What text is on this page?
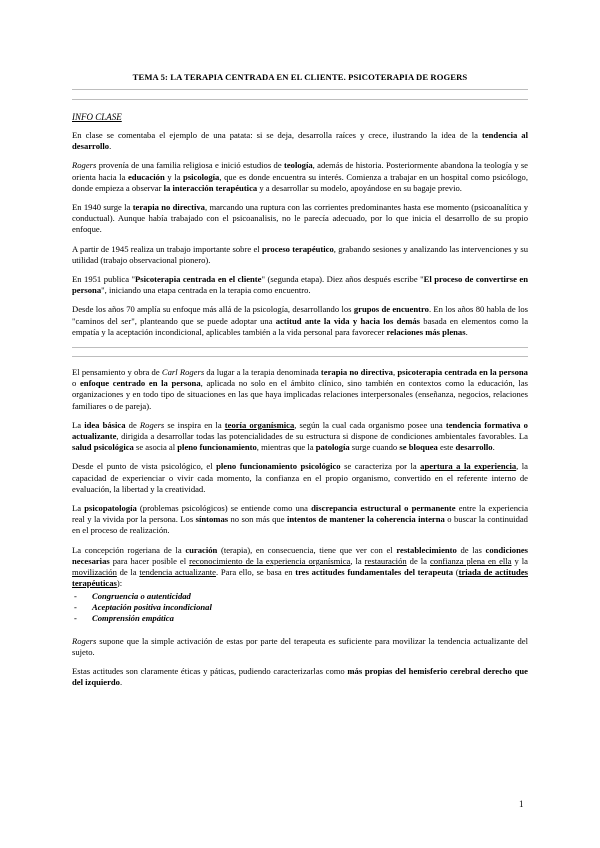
TEMA 5: LA TERAPIA CENTRADA EN EL CLIENTE. PSICOTERAPIA DE ROGERS
INFO CLASE

En clase se comentaba el ejemplo de una patata: si se deja, desarrolla raíces y crece, ilustrando la idea de la tendencia al desarrollo.

Rogers provenía de una familia religiosa e inició estudios de teología, además de historia. Posteriormente abandona la teología y se orienta hacia la educación y la psicología, que es donde encuentra su interés. Comienza a trabajar en un hospital como psicólogo, donde empieza a observar la interacción terapéutica y a desarrollar su modelo, apoyándose en su bagaje previo.

En 1940 surge la terapia no directiva, marcando una ruptura con las corrientes predominantes hasta ese momento (psicoanalítica y conductual). Aunque había trabajado con el psicoanalisis, no le parecía adecuado, por lo que inicia el desarrollo de su propio enfoque.

A partir de 1945 realiza un trabajo importante sobre el proceso terapéutico, grabando sesiones y analizando las intervenciones y su utilidad (trabajo observacional pionero).

En 1951 publica "Psicoterapia centrada en el cliente" (segunda etapa). Diez años después escribe "El proceso de convertirse en persona", iniciando una etapa centrada en la terapia como encuentro.

Desde los años 70 amplía su enfoque más allá de la psicología, desarrollando los grupos de encuentro. En los años 80 habla de los "caminos del ser", planteando que se puede adoptar una actitud ante la vida y hacia los demás basada en elementos como la empatía y la aceptación incondicional, aplicables también a la vida personal para favorecer relaciones más plenas.

El pensamiento y obra de Carl Rogers da lugar a la terapia denominada terapia no directiva, psicoterapia centrada en la persona o enfoque centrado en la persona, aplicada no solo en el ámbito clínico, sino también en contextos como la educación, las organizaciones y en todo tipo de situaciones en las que haya implicadas relaciones interpersonales (enseñanza, negocios, relaciones familiares o de pareja).

La idea básica de Rogers se inspira en la teoría organísmica, según la cual cada organismo posee una tendencia formativa o actualizante, dirigida a desarrollar todas las potencialidades de su estructura si dispone de condiciones ambientales favorables. La salud psicológica se asocia al pleno funcionamiento, mientras que la patología surge cuando se bloquea este desarrollo.

Desde el punto de vista psicológico, el pleno funcionamiento psicológico se caracteriza por la apertura a la experiencia, la capacidad de experienciar o vivir cada momento, la confianza en el propio organismo, convertido en el referente interno de evaluación, la libertad y la creatividad.

La psicopatología (problemas psicológicos) se entiende como una discrepancia estructural o permanente entre la experiencia real y la vivida por la persona. Los síntomas no son más que intentos de mantener la coherencia interna o buscar la continuidad en el proceso de realización.

La concepción rogeriana de la curación (terapia), en consecuencia, tiene que ver con el restablecimiento de las condiciones necesarias para hacer posible el reconocimiento de la experiencia organísmica, la restauración de la confianza plena en ella y la movilización de la tendencia actualizante. Para ello, se basa en tres actitudes fundamentales del terapeuta (triada de actitudes terapéuticas):

- Congruencia o autenticidad
- Aceptación positiva incondicional
- Comprensión empática

Rogers supone que la simple activación de estas por parte del terapeuta es suficiente para movilizar la tendencia actualizante del sujeto.

Estas actitudes son claramente éticas y páticas, pudiendo caracterizarlas como más propias del hemisferio cerebral derecho que del izquierdo.

1
